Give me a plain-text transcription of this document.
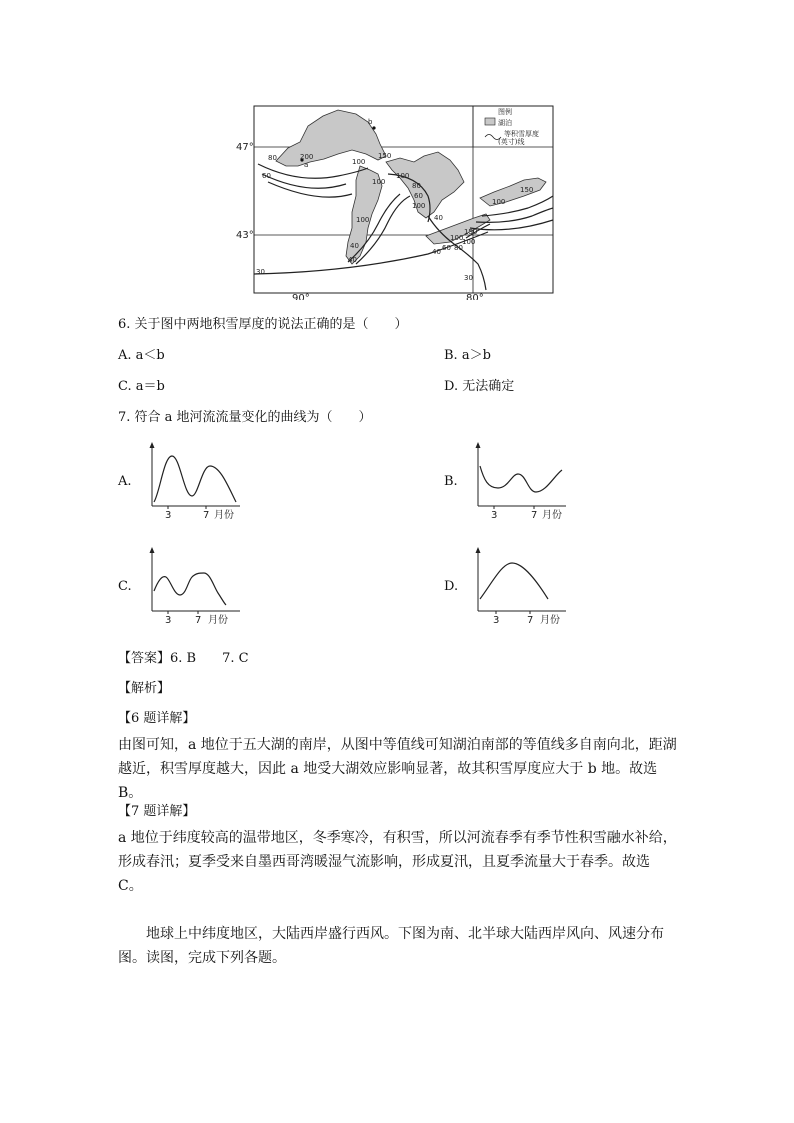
a
b
47°
43°
90°	80°
图例
湖泊
等积雪厚度
(英寸)线
80
60
200	150
100
100
100
100
80
60
100
40
40
150
100
100
150
100
80
60
40
40
30
30
6. 关于图中两地积雪厚度的说法正确的是（　　）
A. a＜b	B. a＞b
C. a＝b	D. 无法确定
7. 符合 a 地河流流量变化的曲线为（　　）
A.
3	7 月份
B.
3	7 月份
C.
3 7 月份
D.
3	7 月份
【答案】6. B　　7. C
【解析】
【6 题详解】
由图可知，a 地位于五大湖的南岸，从图中等值线可知湖泊南部的等值线多自南向北，距湖越近，积雪厚度越大，因此 a 地受大湖效应影响显著，故其积雪厚度应大于 b 地。故选 B。
【7 题详解】
a 地位于纬度较高的温带地区，冬季寒冷，有积雪，所以河流春季有季节性积雪融水补给，形成春汛；夏季受来自墨西哥湾暖湿气流影响，形成夏汛，且夏季流量大于春季。故选 C。
地球上中纬度地区，大陆西岸盛行西风。下图为南、北半球大陆西岸风向、风速分布图。读图，完成下列各题。
